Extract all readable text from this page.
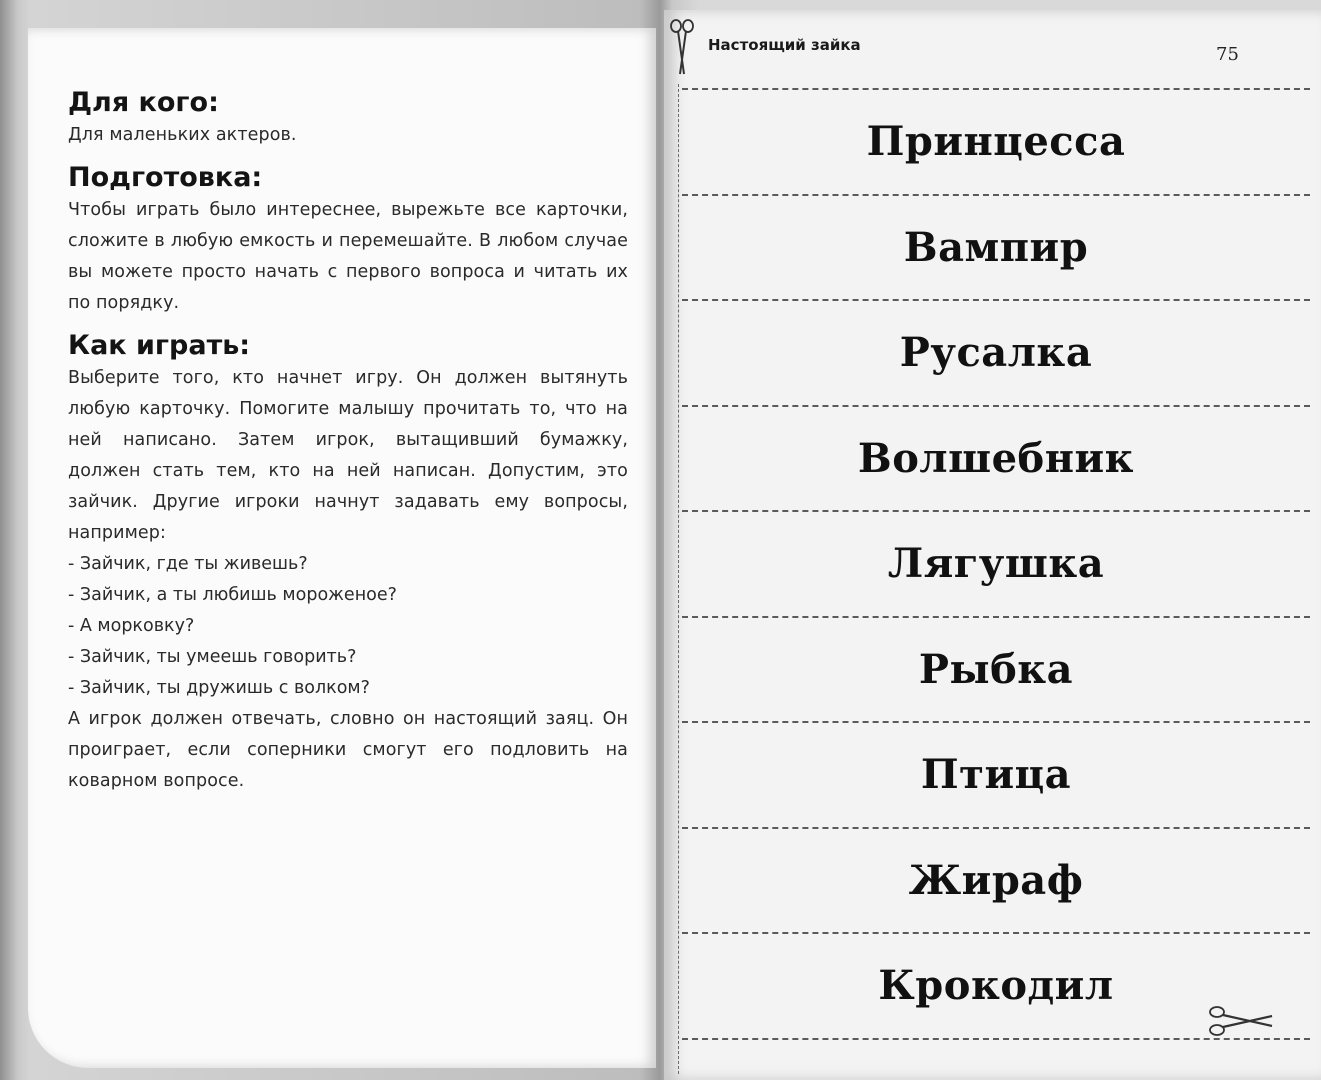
Для кого:

Для маленьких актеров.

Подготовка:

Чтобы играть было интереснее, вырежьте все карточки, сложите в любую емкость и перемешайте. В любом случае вы можете просто начать с первого вопроса и читать их по порядку.

Как играть:

Выберите того, кто начнет игру. Он должен вытянуть любую карточку. Помогите малышу прочитать то, что на ней написано. Затем игрок, вытащивший бумажку, должен стать тем, кто на ней написан. Допустим, это зайчик. Другие игроки начнут задавать ему вопросы, например:

- Зайчик, где ты живешь?
- Зайчик, а ты любишь мороженое?
- А морковку?
- Зайчик, ты умеешь говорить?
- Зайчик, ты дружишь с волком?

А игрок должен отвечать, словно он настоящий заяц. Он проиграет, если соперники смогут его подловить на коварном вопросе.

Настоящий зайка	75
Принцесса
Вампир
Русалка
Волшебник
Лягушка
Рыбка
Птица
Жираф
Крокодил
